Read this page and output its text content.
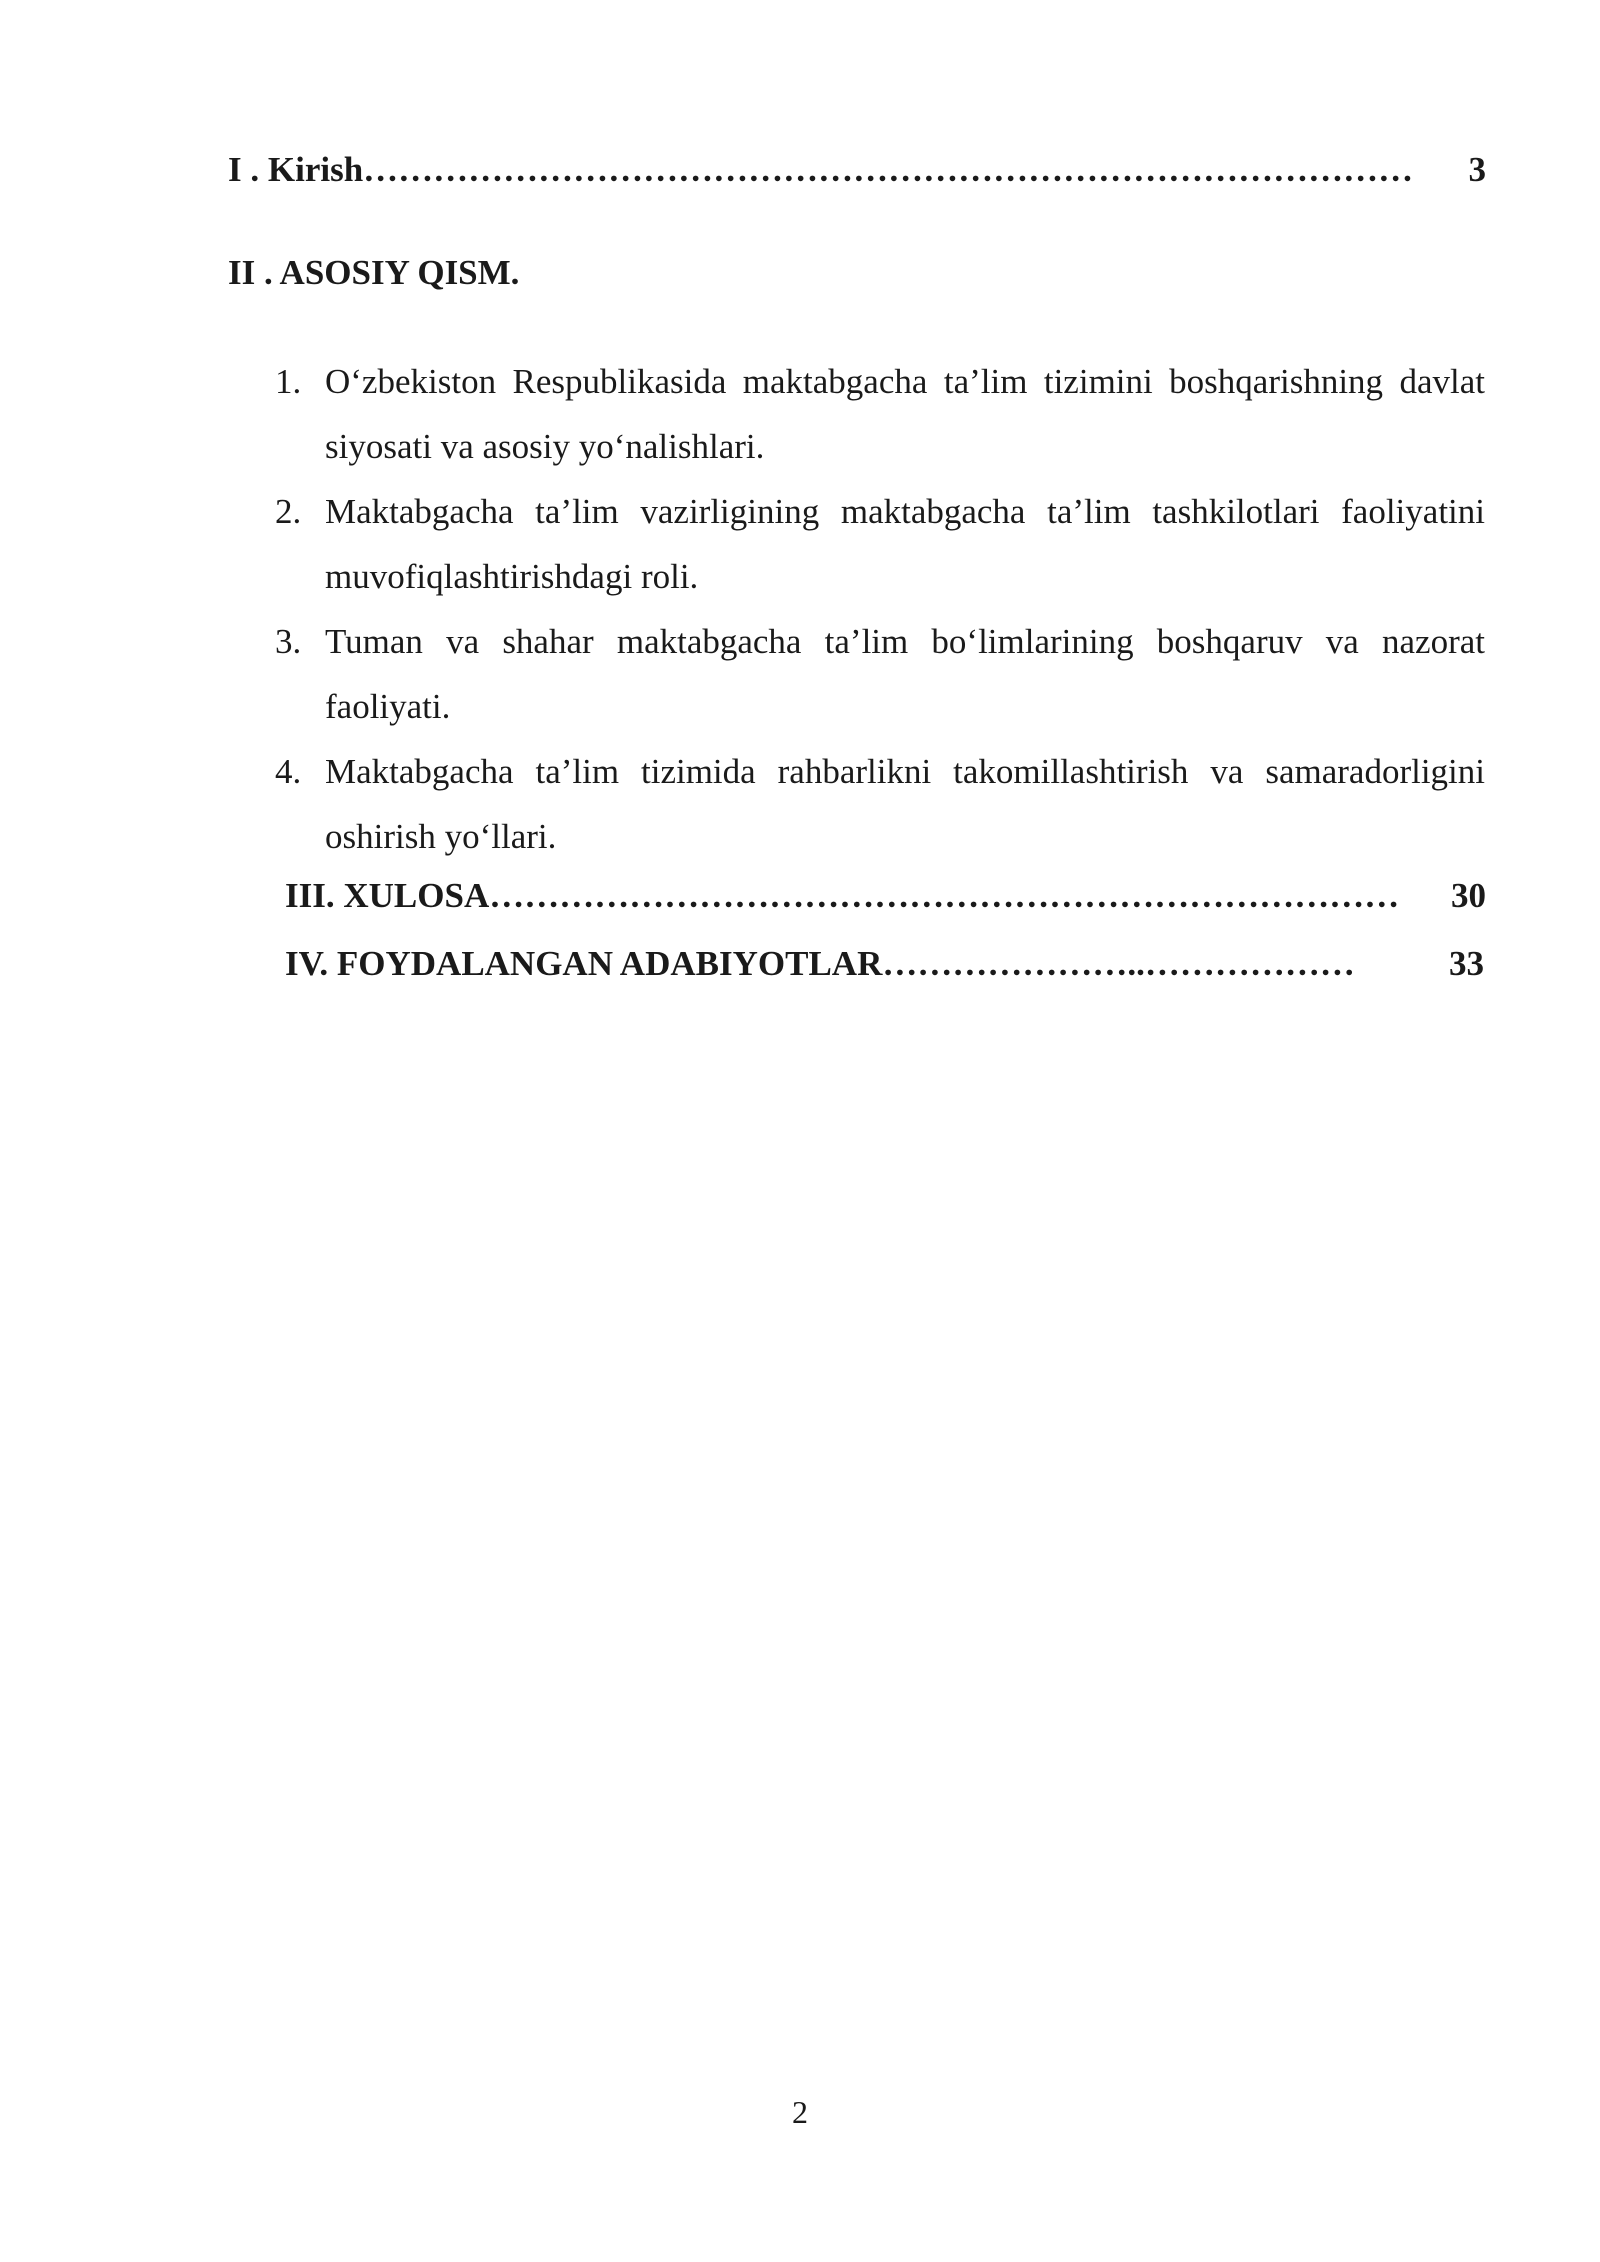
I . Kirish ………………………………………………………………………………	3
II . ASOSIY QISM.
1. O‘zbekiston Respublikasida maktabgacha ta’lim tizimini boshqarishning davlat siyosati va asosiy yo‘nalishlari.
2. Maktabgacha ta’lim vazirligining maktabgacha ta’lim tashkilotlari faoliyatini muvofiqlashtirishdagi roli.
3. Tuman va shahar maktabgacha ta’lim bo‘limlarining boshqaruv va nazorat faoliyati.
4. Maktabgacha ta’lim tizimida rahbarlikni takomillashtirish va samaradorligini oshirish yo‘llari.
III. XULOSA ……………………………………………………………………	30
IV. FOYDALANGAN ADABIYOTLAR …………………..………………	33
2
